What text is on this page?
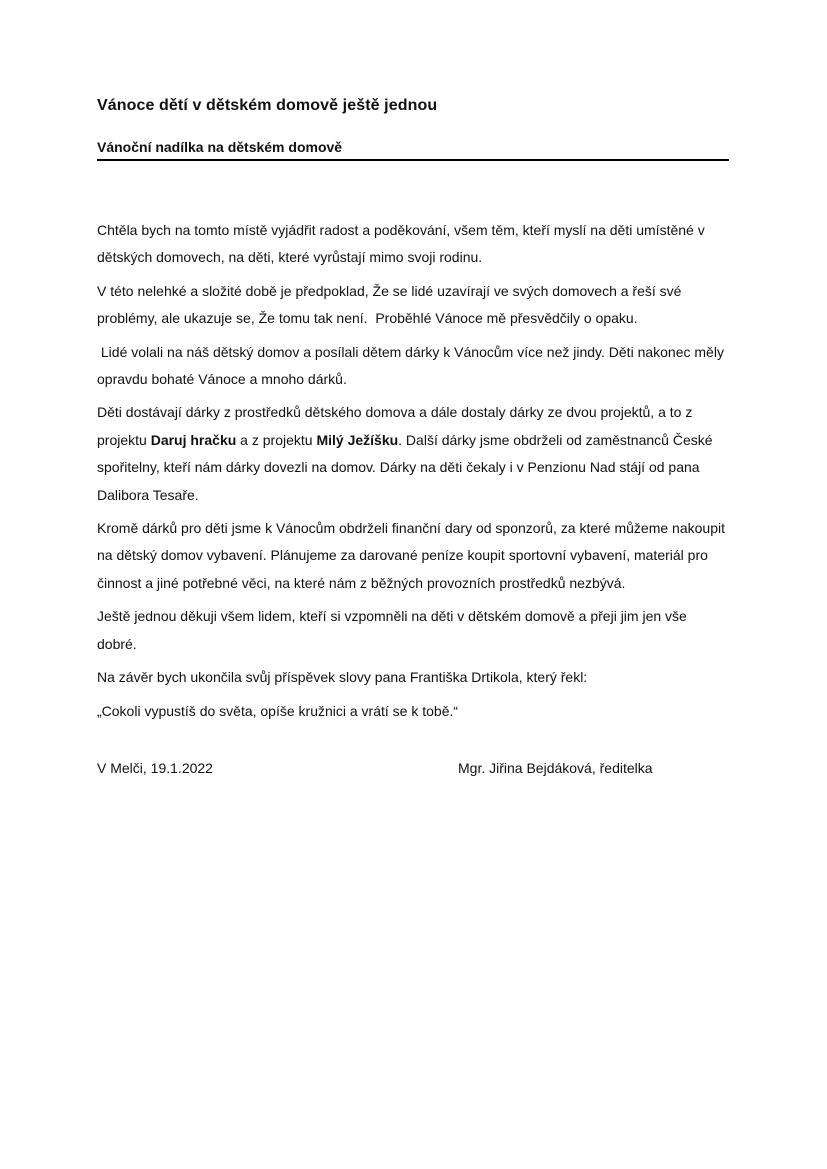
Vánoce dětí v dětském domově ještě jednou
Vánoční nadílka na dětském domově

Chtěla bych na tomto místě vyjádřit radost a poděkování, všem těm, kteří myslí na děti umístěné v dětských domovech, na děti, které vyrůstají mimo svoji rodinu.

V této nelehké a složité době je předpoklad, Že se lidé uzavírají ve svých domovech a řeší své problémy, ale ukazuje se, Že tomu tak není.  Proběhlé Vánoce mě přesvědčily o opaku.

Lidé volali na náš dětský domov a posílali dětem dárky k Vánocům více než jindy. Děti nakonec měly opravdu bohaté Vánoce a mnoho dárků.

Děti dostávají dárky z prostředků dětského domova a dále dostaly dárky ze dvou projektů, a to z projektu Daruj hračku a z projektu Milý Ježíšku. Další dárky jsme obdrželi od zaměstnanců České spořitelny, kteří nám dárky dovezli na domov. Dárky na děti čekaly i v Penzionu Nad stájí od pana Dalibora Tesaře.

Kromě dárků pro děti jsme k Vánocům obdrželi finanční dary od sponzorů, za které můžeme nakoupit na dětský domov vybavení. Plánujeme za darované peníze koupit sportovní vybavení, materiál pro činnost a jiné potřebné věci, na které nám z běžných provozních prostředků nezbývá.

Ještě jednou děkuji všem lidem, kteří si vzpomněli na děti v dětském domově a přeji jim jen vše dobré.

Na závěr bych ukončila svůj příspěvek slovy pana Františka Drtikola, který řekl:

„Cokoli vypustíš do světa, opíše kružnici a vrátí se k tobě.“

V Melči, 19.1.2022	Mgr. Jiřina Bejdáková, ředitelka
